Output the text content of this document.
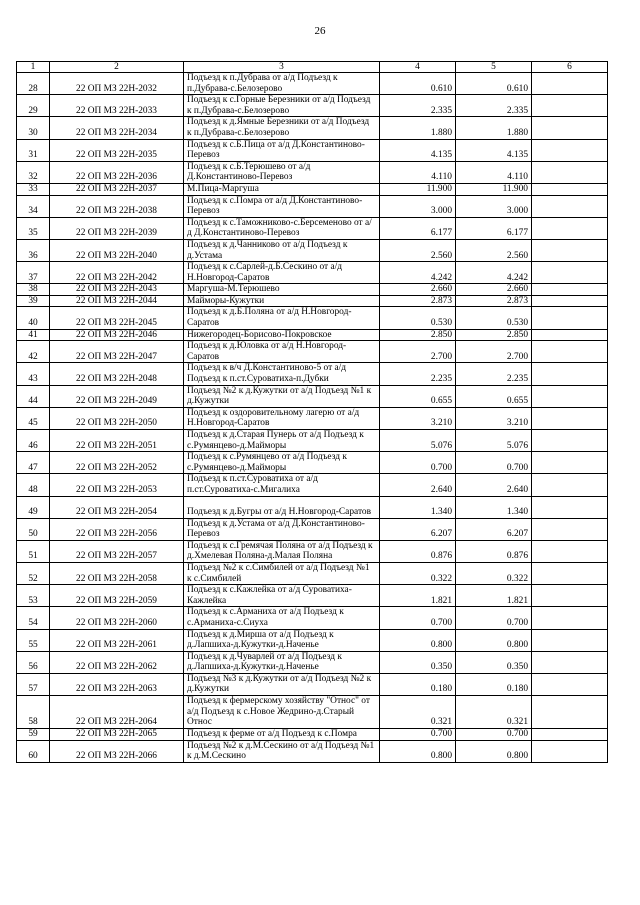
26
1	2	3	4	5	6
28	22 ОП МЗ 22Н-2032	Подъезд к п.Дубрава от а/д Подъезд к п.Дубрава-с.Белозерово	0.610	0.610	
29	22 ОП МЗ 22Н-2033	Подъезд к с.Горные Березники от а/д Подъезд к п.Дубрава-с.Белозерово	2.335	2.335	
30	22 ОП МЗ 22Н-2034	Подъезд к д.Ямные Березники от а/д Подъезд к п.Дубрава-с.Белозерово	1.880	1.880	
31	22 ОП МЗ 22Н-2035	Подъезд к с.Б.Пица от а/д Д.Константиново-Перевоз	4.135	4.135	
32	22 ОП МЗ 22Н-2036	Подъезд к с.Б.Терюшево от а/д Д.Константиново-Перевоз	4.110	4.110	
33	22 ОП МЗ 22Н-2037	М.Пица-Маргуша	11.900	11.900	
34	22 ОП МЗ 22Н-2038	Подъезд к с.Помра от а/д Д.Константиново-Перевоз	3.000	3.000	
35	22 ОП МЗ 22Н-2039	Подъезд к с.Таможниково-с.Берсеменово от а/д Д.Константиново-Перевоз	6.177	6.177	
36	22 ОП МЗ 22Н-2040	Подъезд к д.Чанниково от а/д Подъезд к д.Устама	2.560	2.560	
37	22 ОП МЗ 22Н-2042	Подъезд к с.Сарлей-д.Б.Сескино от а/д Н.Новгород-Саратов	4.242	4.242	
38	22 ОП МЗ 22Н-2043	Маргуша-М.Терюшево	2.660	2.660	
39	22 ОП МЗ 22Н-2044	Майморы-Кужутки	2.873	2.873	
40	22 ОП МЗ 22Н-2045	Подъезд к д.Б.Поляна от а/д Н.Новгород-Саратов	0.530	0.530	
41	22 ОП МЗ 22Н-2046	Нижегородец-Борисово-Покровское	2.850	2.850	
42	22 ОП МЗ 22Н-2047	Подъезд к д.Юловка от а/д Н.Новгород-Саратов	2.700	2.700	
43	22 ОП МЗ 22Н-2048	Подъезд к в/ч Д.Константиново-5 от а/д Подъезд к п.ст.Суроватиха-п.Дубки	2.235	2.235	
44	22 ОП МЗ 22Н-2049	Подъезд №2 к д.Кужутки от а/д Подъезд №1 к д.Кужутки	0.655	0.655	
45	22 ОП МЗ 22Н-2050	Подъезд к оздоровительному лагерю от а/д Н.Новгород-Саратов	3.210	3.210	
46	22 ОП МЗ 22Н-2051	Подъезд к д.Старая Пунерь от а/д Подъезд к с.Румянцево-д.Майморы	5.076	5.076	
47	22 ОП МЗ 22Н-2052	Подъезд к с.Румянцево от а/д Подъезд к с.Румянцево-д.Майморы	0.700	0.700	
48	22 ОП МЗ 22Н-2053	Подъезд к п.ст.Суроватиха от а/д п.ст.Суроватиха-с.Мигалиха	2.640	2.640	
49	22 ОП МЗ 22Н-2054	Подъезд к д.Бугры от а/д Н.Новгород-Саратов	1.340	1.340	
50	22 ОП МЗ 22Н-2056	Подъезд к д.Устама от а/д Д.Константиново-Перевоз	6.207	6.207	
51	22 ОП МЗ 22Н-2057	Подъезд к с.Гремячая Поляна от а/д Подъезд к д.Хмелевая Поляна-д.Малая Поляна	0.876	0.876	
52	22 ОП МЗ 22Н-2058	Подъезд №2 к с.Симбилей от а/д Подъезд №1 к с.Симбилей	0.322	0.322	
53	22 ОП МЗ 22Н-2059	Подъезд к с.Кажлейка от а/д Суроватиха-Кажлейка	1.821	1.821	
54	22 ОП МЗ 22Н-2060	Подъезд к с.Арманиха от а/д Подъезд к с.Арманиха-с.Сиуха	0.700	0.700	
55	22 ОП МЗ 22Н-2061	Подъезд к д.Миршa от а/д Подъезд к д.Лапшиха-д.Кужутки-д.Наченье	0.800	0.800	
56	22 ОП МЗ 22Н-2062	Подъезд к д.Чуварлей от а/д Подъезд к д.Лапшиха-д.Кужутки-д.Наченье	0.350	0.350	
57	22 ОП МЗ 22Н-2063	Подъезд №3 к д.Кужутки от а/д Подъезд №2 к д.Кужутки	0.180	0.180	
58	22 ОП МЗ 22Н-2064	Подъезд к фермерскому хозяйству "Относ" от а/д Подъезд к с.Новое Жедрино-д.Старый Относ	0.321	0.321	
59	22 ОП МЗ 22Н-2065	Подъезд к ферме от а/д Подъезд к с.Помра	0.700	0.700	
60	22 ОП МЗ 22Н-2066	Подъезд №2 к д.М.Сескино от а/д Подъезд №1 к д.М.Сескино	0.800	0.800	
